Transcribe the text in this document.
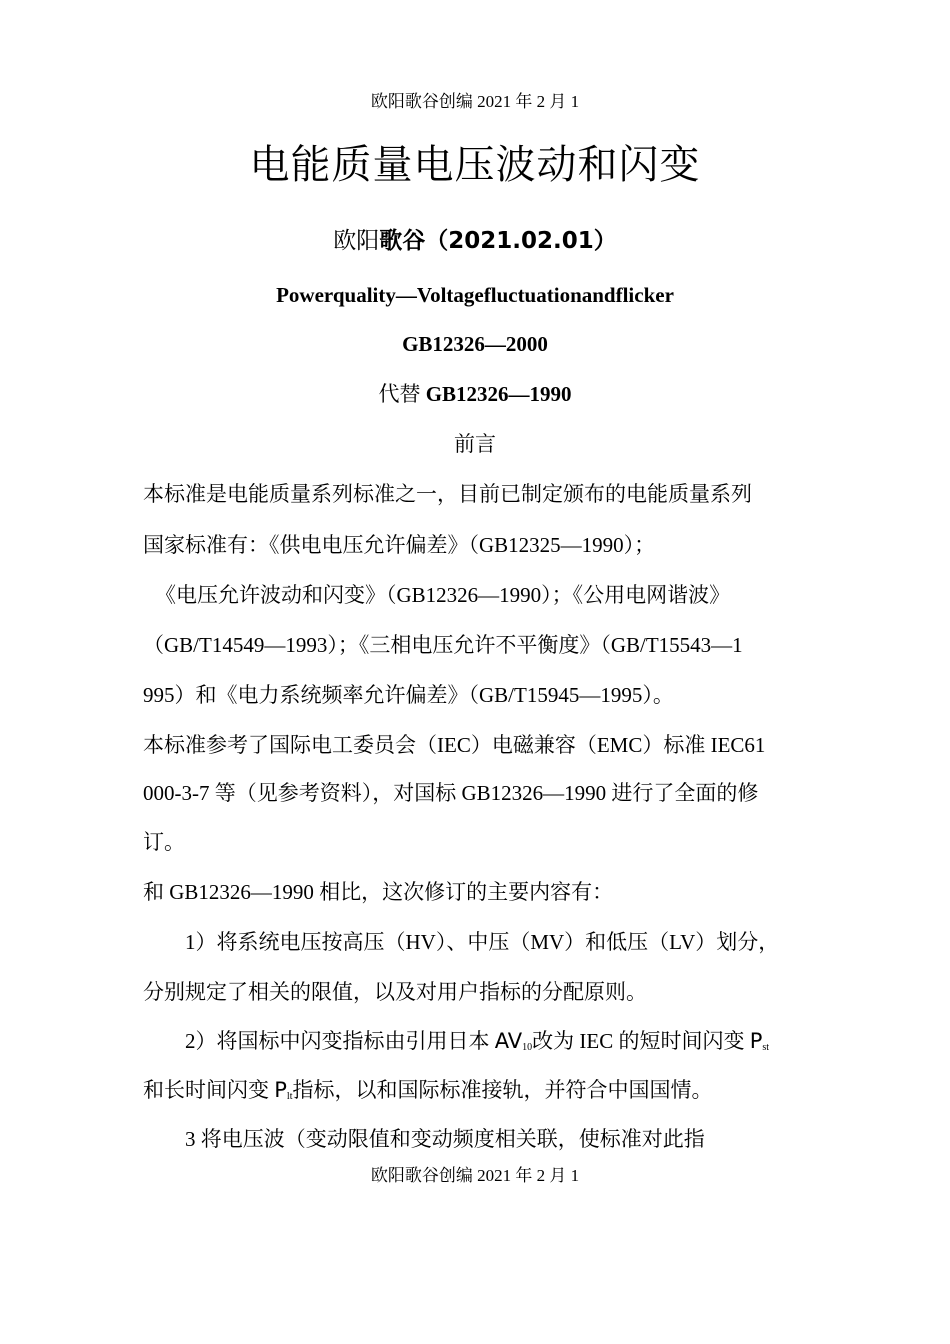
欧阳歌谷创编 2021 年 2 月 1
电能质量电压波动和闪变
欧阳歌谷（2021.02.01）
Powerquality—Voltagefluctuationandflicker
GB12326—2000
代替 GB12326—1990
前言
本标准是电能质量系列标准之一，目前已制定颁布的电能质量系列
国家标准有：《供电电压允许偏差》（GB12325—1990）；
《电压允许波动和闪变》（GB12326—1990）；《公用电网谐波》
（GB/T14549—1993）；《三相电压允许不平衡度》（GB/T15543—1
995）和《电力系统频率允许偏差》（GB/T15945—1995）。
本标准参考了国际电工委员会（IEC）电磁兼容（EMC）标准 IEC61
000-3-7 等（见参考资料），对国标 GB12326—1990 进行了全面的修
订。
和 GB12326—1990 相比，这次修订的主要内容有：
1）将系统电压按高压（HV）、中压（MV）和低压（LV）划分，
分别规定了相关的限值，以及对用户指标的分配原则。
2）将国标中闪变指标由引用日本 $AV_{10}$改为 IEC 的短时间闪变 $P_{st}$
和长时间闪变 $P_{lt}$指标，以和国际标准接轨，并符合中国国情。
3 将电压波（变动限值和变动频度相关联，使标准对此指
欧阳歌谷创编 2021 年 2 月 1
